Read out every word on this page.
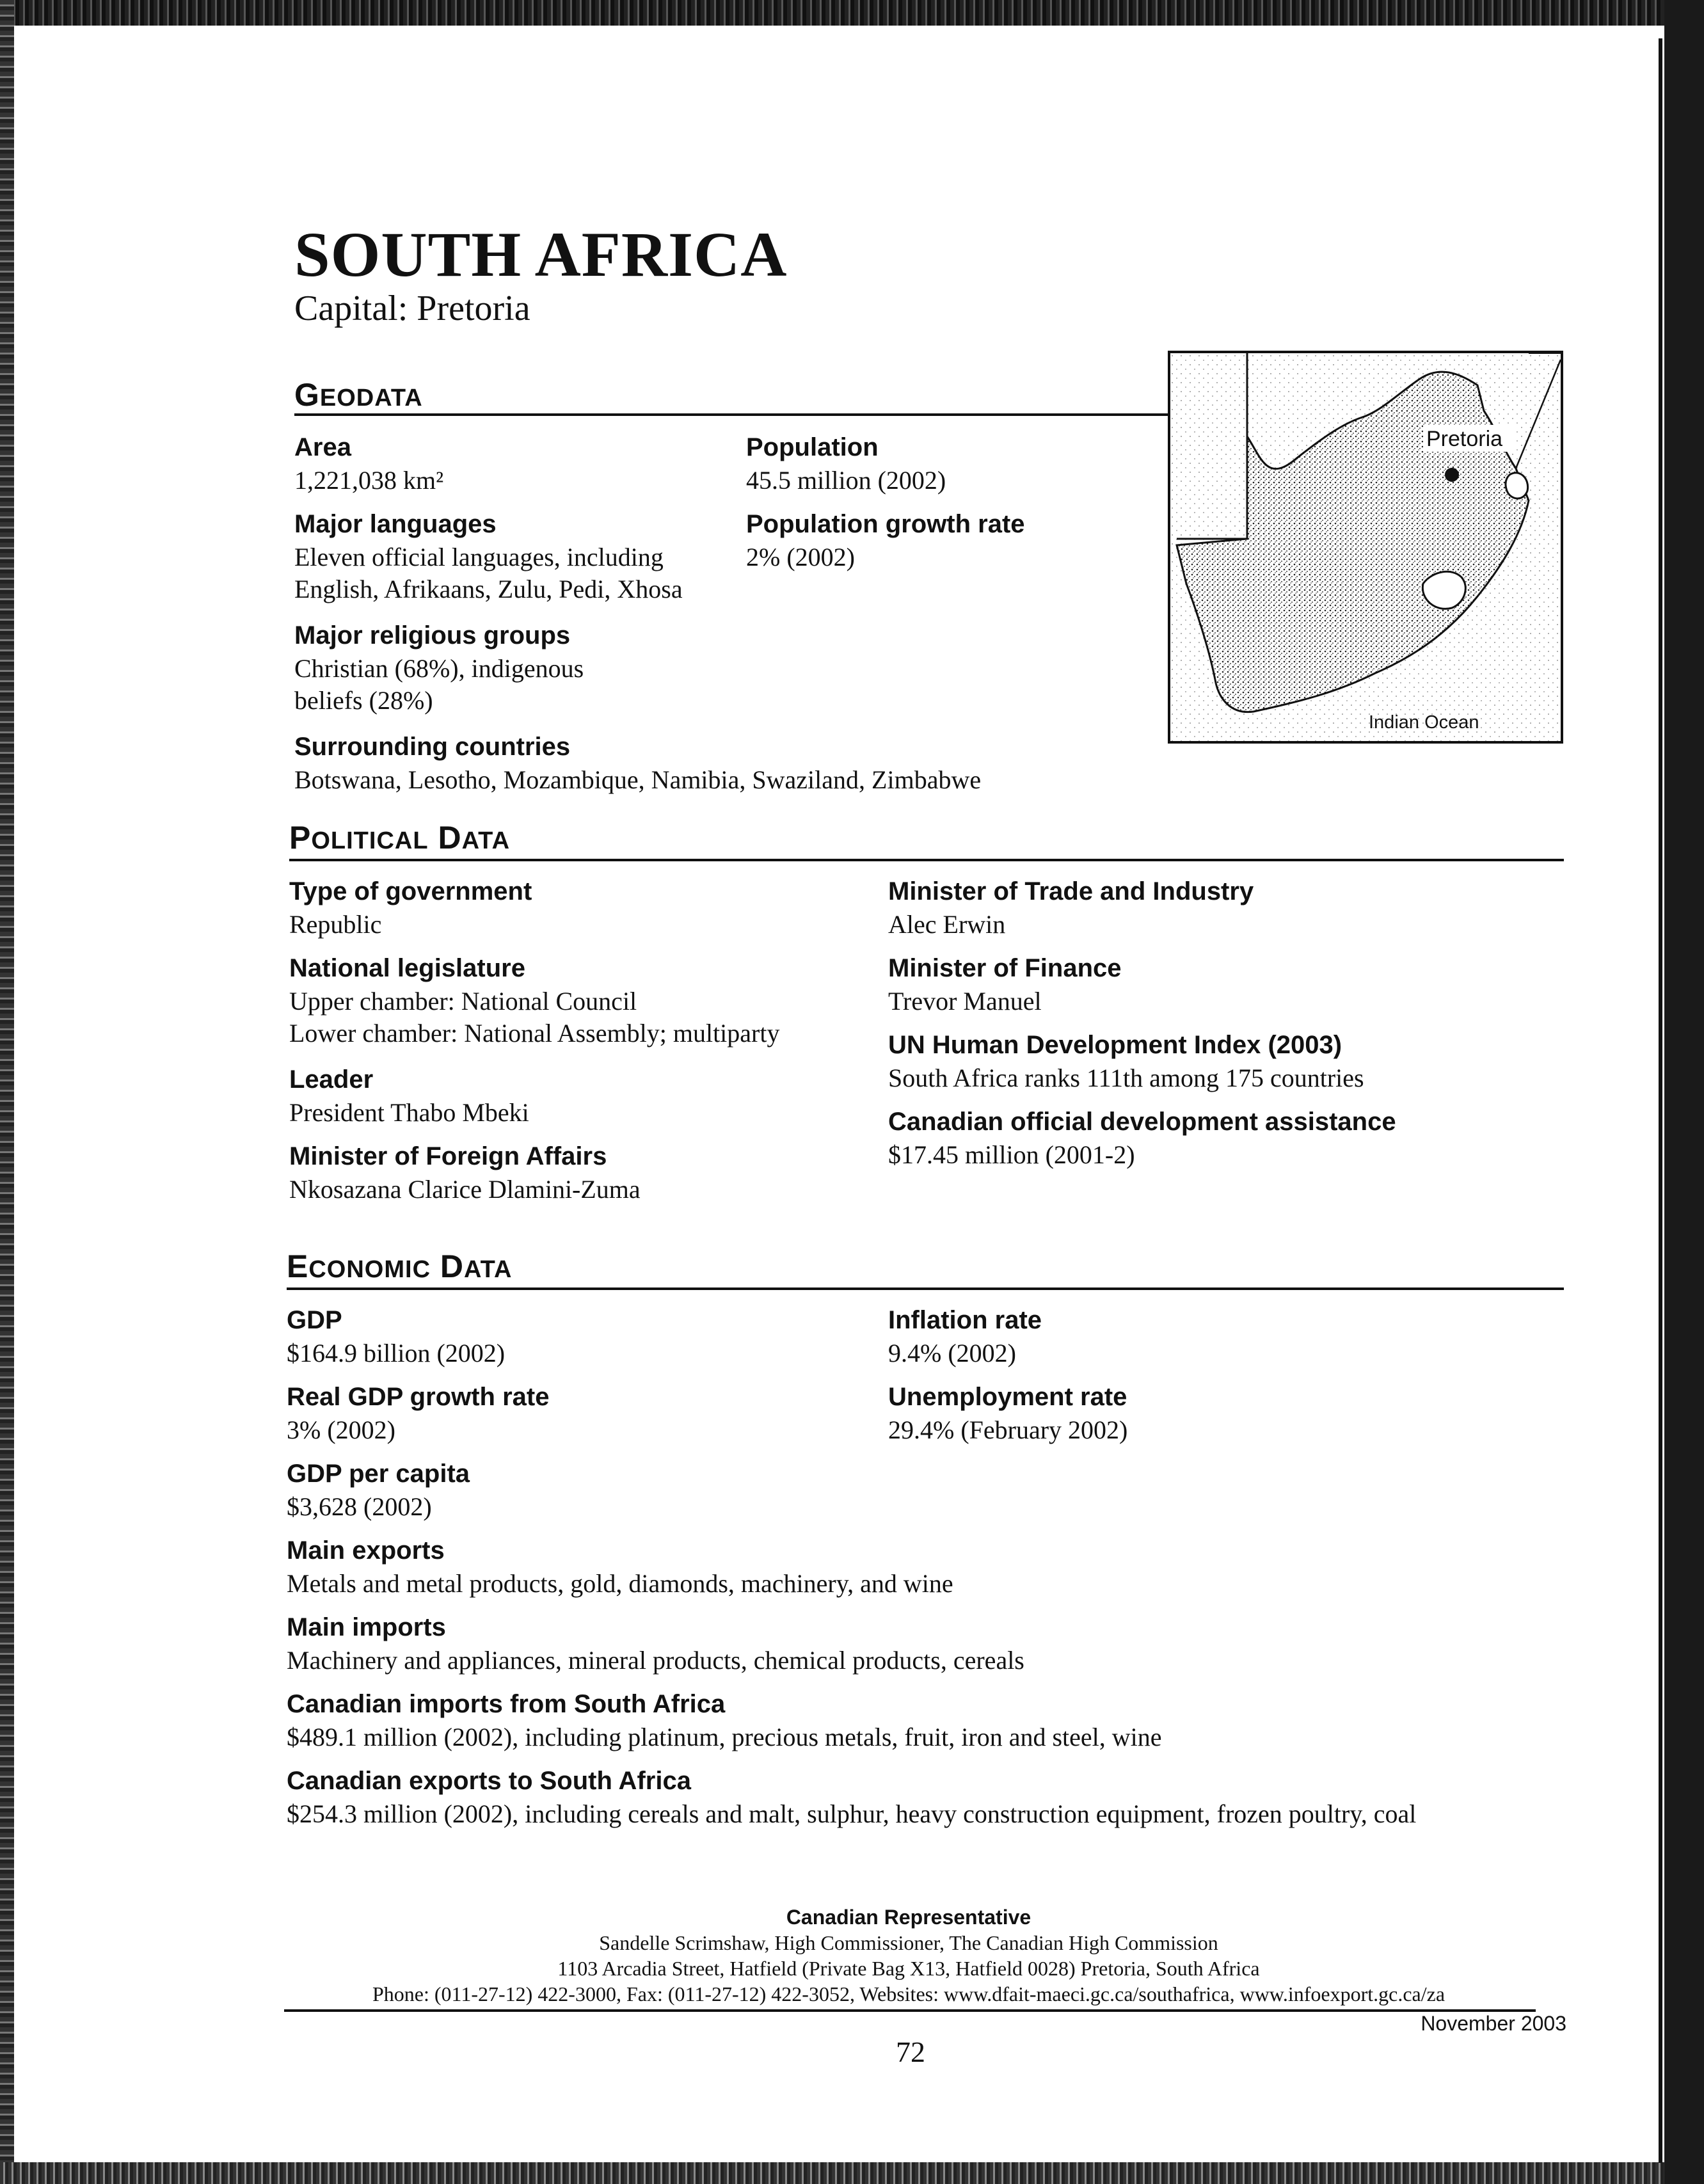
SOUTH AFRICA
Capital: Pretoria
GEODATA
Area
1,221,038 km²
Population
45.5 million (2002)
Major languages
Eleven official languages, including
English, Afrikaans, Zulu, Pedi, Xhosa
Population growth rate
2% (2002)
Major religious groups
Christian (68%), indigenous
beliefs (28%)
Surrounding countries
Botswana, Lesotho, Mozambique, Namibia, Swaziland, Zimbabwe
Pretoria
Indian Ocean
POLITICAL DATA
Type of government
Republic
National legislature
Upper chamber: National Council
Lower chamber: National Assembly; multiparty
Leader
President Thabo Mbeki
Minister of Foreign Affairs
Nkosazana Clarice Dlamini-Zuma
Minister of Trade and Industry
Alec Erwin
Minister of Finance
Trevor Manuel
UN Human Development Index (2003)
South Africa ranks 111th among 175 countries
Canadian official development assistance
$17.45 million (2001-2)
ECONOMIC DATA
GDP
$164.9 billion (2002)
Real GDP growth rate
3% (2002)
GDP per capita
$3,628 (2002)
Inflation rate
9.4% (2002)
Unemployment rate
29.4% (February 2002)
Main exports
Metals and metal products, gold, diamonds, machinery, and wine
Main imports
Machinery and appliances, mineral products, chemical products, cereals
Canadian imports from South Africa
$489.1 million (2002), including platinum, precious metals, fruit, iron and steel, wine
Canadian exports to South Africa
$254.3 million (2002), including cereals and malt, sulphur, heavy construction equipment, frozen poultry, coal
Canadian Representative
Sandelle Scrimshaw, High Commissioner, The Canadian High Commission
1103 Arcadia Street, Hatfield (Private Bag X13, Hatfield 0028) Pretoria, South Africa
Phone: (011-27-12) 422-3000, Fax: (011-27-12) 422-3052, Websites: www.dfait-maeci.gc.ca/southafrica, www.infoexport.gc.ca/za
November 2003
72
